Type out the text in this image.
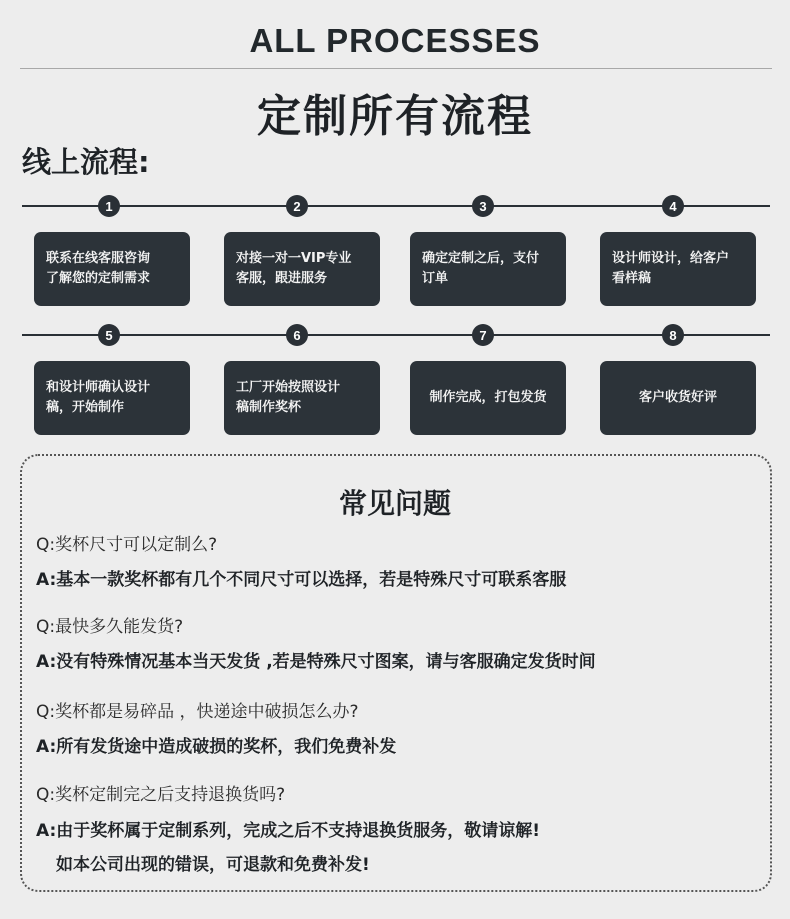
ALL PROCESSES
定制所有流程
线上流程:
1	2	3	4
联系在线客服咨询
了解您的定制需求
对接一对一VIP专业
客服，跟进服务
确定定制之后，支付
订单
设计师设计，给客户
看样稿
5	6	7	8
和设计师确认设计
稿，开始制作
工厂开始按照设计
稿制作奖杯
制作完成，打包发货	客户收货好评
常见问题
Q:奖杯尺寸可以定制么?
A:基本一款奖杯都有几个不同尺寸可以选择，若是特殊尺寸可联系客服
Q:最快多久能发货?
A:没有特殊情况基本当天发货 ,若是特殊尺寸图案，请与客服确定发货时间
Q:奖杯都是易碎品 ，快递途中破损怎么办?
A:所有发货途中造成破损的奖杯，我们免费补发
Q:奖杯定制完之后支持退换货吗?
A:由于奖杯属于定制系列，完成之后不支持退换货服务，敬请谅解!
如本公司出现的错误，可退款和免费补发!
